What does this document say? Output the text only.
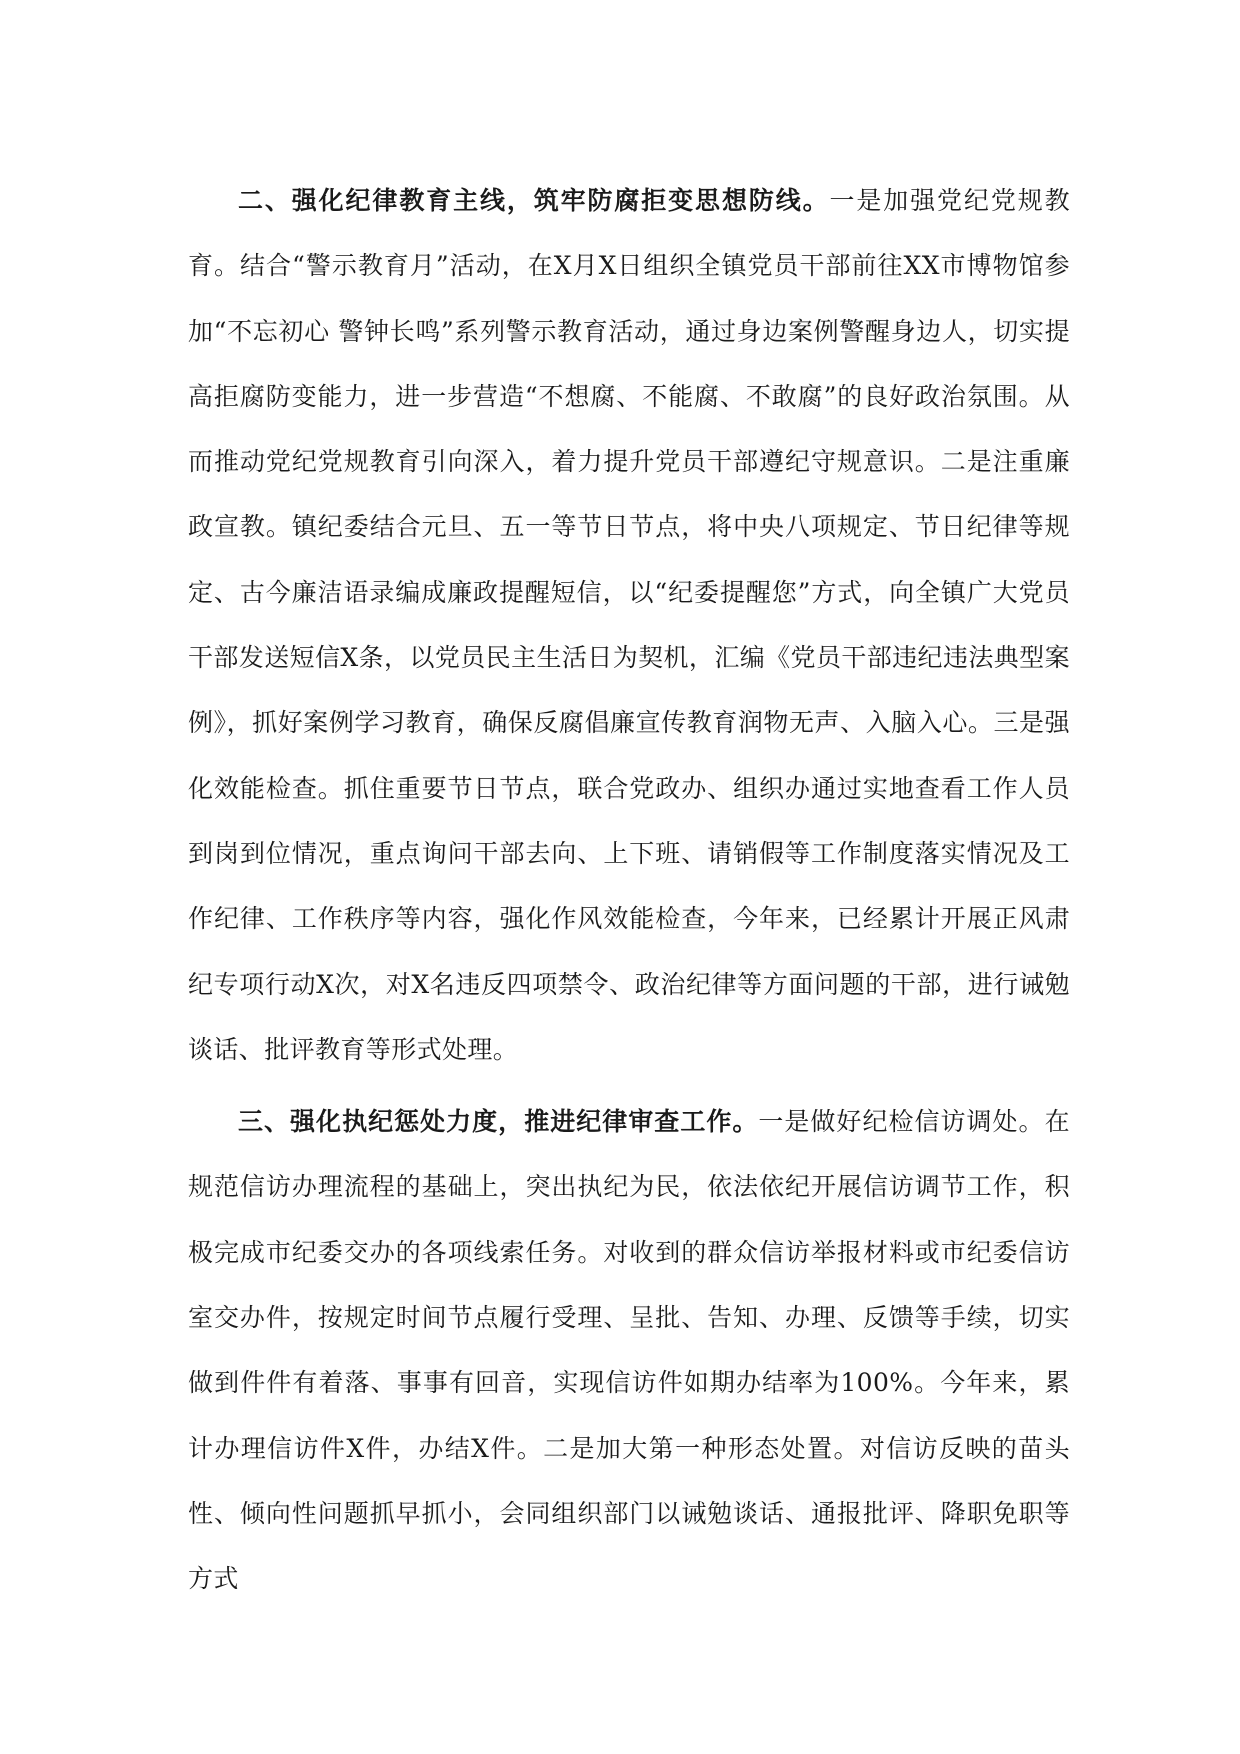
二、强化纪律教育主线，筑牢防腐拒变思想防线。一是加强党纪党规教育。结合“警示教育月”活动，在X月X日组织全镇党员干部前往XX市博物馆参加“不忘初心 警钟长鸣”系列警示教育活动，通过身边案例警醒身边人，切实提高拒腐防变能力，进一步营造“不想腐、不能腐、不敢腐”的良好政治氛围。从而推动党纪党规教育引向深入，着力提升党员干部遵纪守规意识。二是注重廉政宣教。镇纪委结合元旦、五一等节日节点，将中央八项规定、节日纪律等规定、古今廉洁语录编成廉政提醒短信，以“纪委提醒您”方式，向全镇广大党员干部发送短信X条，以党员民主生活日为契机，汇编《党员干部违纪违法典型案例》，抓好案例学习教育，确保反腐倡廉宣传教育润物无声、入脑入心。三是强化效能检查。抓住重要节日节点，联合党政办、组织办通过实地查看工作人员到岗到位情况，重点询问干部去向、上下班、请销假等工作制度落实情况及工作纪律、工作秩序等内容，强化作风效能检查，今年来，已经累计开展正风肃纪专项行动X次，对X名违反四项禁令、政治纪律等方面问题的干部，进行诫勉谈话、批评教育等形式处理。

三、强化执纪惩处力度，推进纪律审查工作。一是做好纪检信访调处。在规范信访办理流程的基础上，突出执纪为民，依法依纪开展信访调节工作，积极完成市纪委交办的各项线索任务。对收到的群众信访举报材料或市纪委信访室交办件，按规定时间节点履行受理、呈批、告知、办理、反馈等手续，切实做到件件有着落、事事有回音，实现信访件如期办结率为100%。今年来，累计办理信访件X件，办结X件。二是加大第一种形态处置。对信访反映的苗头性、倾向性问题抓早抓小，会同组织部门以诫勉谈话、通报批评、降职免职等方式
